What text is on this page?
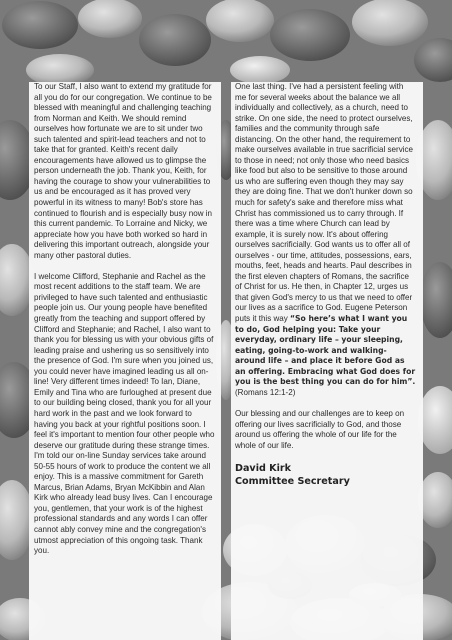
To our Staff, I also want to extend my gratitude for all you do for our congregation. We continue to be blessed with meaningful and challenging teaching from Norman and Keith. We should remind ourselves how fortunate we are to sit under two such talented and spirit-lead teachers and not to take that for granted. Keith's recent daily encouragements have allowed us to glimpse the person underneath the job. Thank you, Keith, for having the courage to show your vulnerabilities to us and be encouraged as it has proved very powerful in its witness to many! Bob's store has continued to flourish and is especially busy now in this current pandemic. To Lorraine and Nicky, we appreciate how you have both worked so hard in delivering this important outreach, alongside your many other pastoral duties.

I welcome Clifford, Stephanie and Rachel as the most recent additions to the staff team. We are privileged to have such talented and enthusiastic people join us. Our young people have benefited greatly from the teaching and support offered by Clifford and Stephanie; and Rachel, I also want to thank you for blessing us with your obvious gifts of leading praise and ushering us so sensitively into the presence of God. I'm sure when you joined us, you could never have imagined leading us all on-line! Very different times indeed! To Ian, Diane, Emily and Tina who are furloughed at present due to our building being closed, thank you for all your hard work in the past and we look forward to having you back at your rightful positions soon. I feel it's important to mention four other people who deserve our gratitude during these strange times. I'm told our on-line Sunday services take around 50-55 hours of work to produce the content we all enjoy. This is a massive commitment for Gareth Marcus, Brian Adams, Bryan McKibbin and Alan Kirk who already lead busy lives. Can I encourage you, gentlemen, that your work is of the highest professional standards and any words I can offer cannot ably convey mine and the congregation's utmost appreciation of this ongoing task. Thank you.

One last thing. I've had a persistent feeling with me for several weeks about the balance we all individually and collectively, as a church, need to strike. On one side, the need to protect ourselves, families and the community through safe distancing. On the other hand, the requirement to make ourselves available in true sacrificial service to those in need; not only those who need basics like food but also to be sensitive to those around us who are suffering even though they may say they are doing fine. That we don't hunker down so much for safety's sake and therefore miss what Christ has commissioned us to carry through. If there was a time where Church can lead by example, it is surely now. It's about offering ourselves sacrificially. God wants us to offer all of ourselves - our time, attitudes, possessions, ears, mouths, feet, heads and hearts. Paul describes in the first eleven chapters of Romans, the sacrifice of Christ for us. He then, in Chapter 12, urges us that given God's mercy to us that we need to offer our lives as a sacrifice to God. Eugene Peterson puts it this way “So here’s what I want you to do, God helping you: Take your everyday, ordinary life – your sleeping, eating, going-to-work and walking-around life – and place it before God as an offering. Embracing what God does for you is the best thing you can do for him”. (Romans 12:1-2)

Our blessing and our challenges are to keep on offering our lives sacrificially to God, and those around us offering the whole of our life for the whole of our life.

David Kirk
Committee Secretary
